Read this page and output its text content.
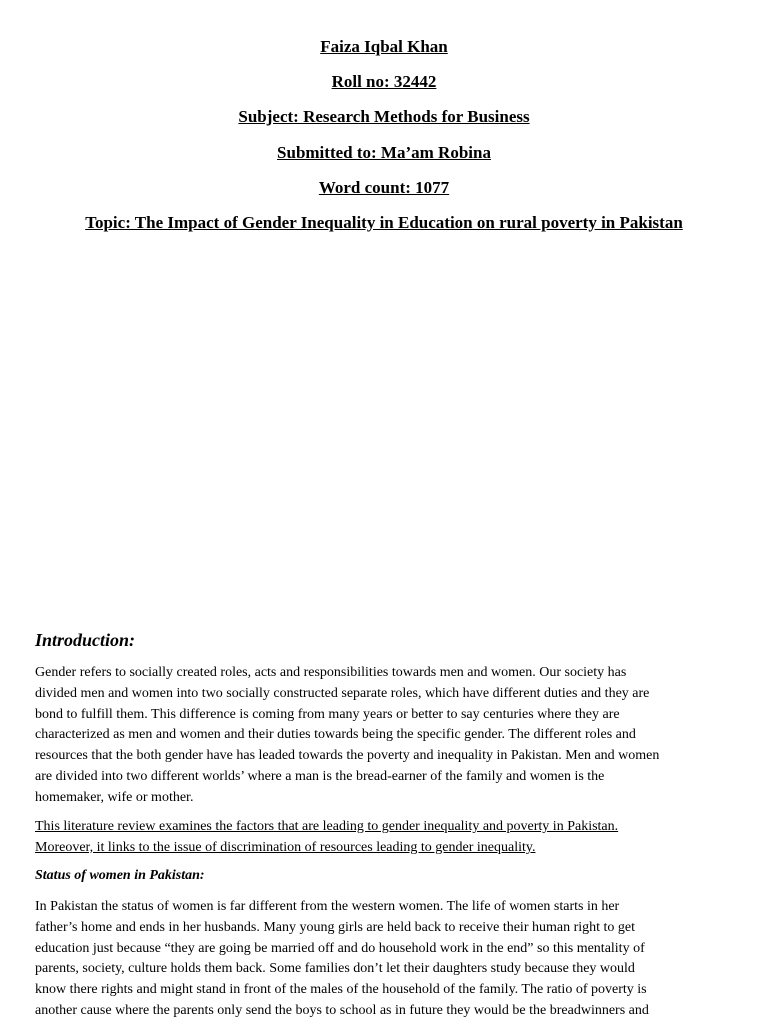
Faiza Iqbal Khan
Roll no: 32442
Subject: Research Methods for Business
Submitted to: Ma’am Robina
Word count: 1077
Topic: The Impact of Gender Inequality in Education on rural poverty in Pakistan
Introduction:
Gender refers to socially created roles, acts and responsibilities towards men and women. Our society has
divided men and women into two socially constructed separate roles, which have different duties and they are
bond to fulfill them. This difference is coming from many years or better to say centuries where they are
characterized as men and women and their duties towards being the specific gender. The different roles and
resources that the both gender have has leaded towards the poverty and inequality in Pakistan. Men and women
are divided into two different worlds’ where a man is the bread-earner of the family and women is the
homemaker, wife or mother.
This literature review examines the factors that are leading to gender inequality and poverty in Pakistan.
Moreover, it links to the issue of discrimination of resources leading to gender inequality.
Status of women in Pakistan:
In Pakistan the status of women is far different from the western women. The life of women starts in her
father’s home and ends in her husbands. Many young girls are held back to receive their human right to get
education just because “they are going be married off and do household work in the end” so this mentality of
parents, society, culture holds them back. Some families don’t let their daughters study because they would
know there rights and might stand in front of the males of the household of the family. The ratio of poverty is
another cause where the parents only send the boys to school as in future they would be the breadwinners and
